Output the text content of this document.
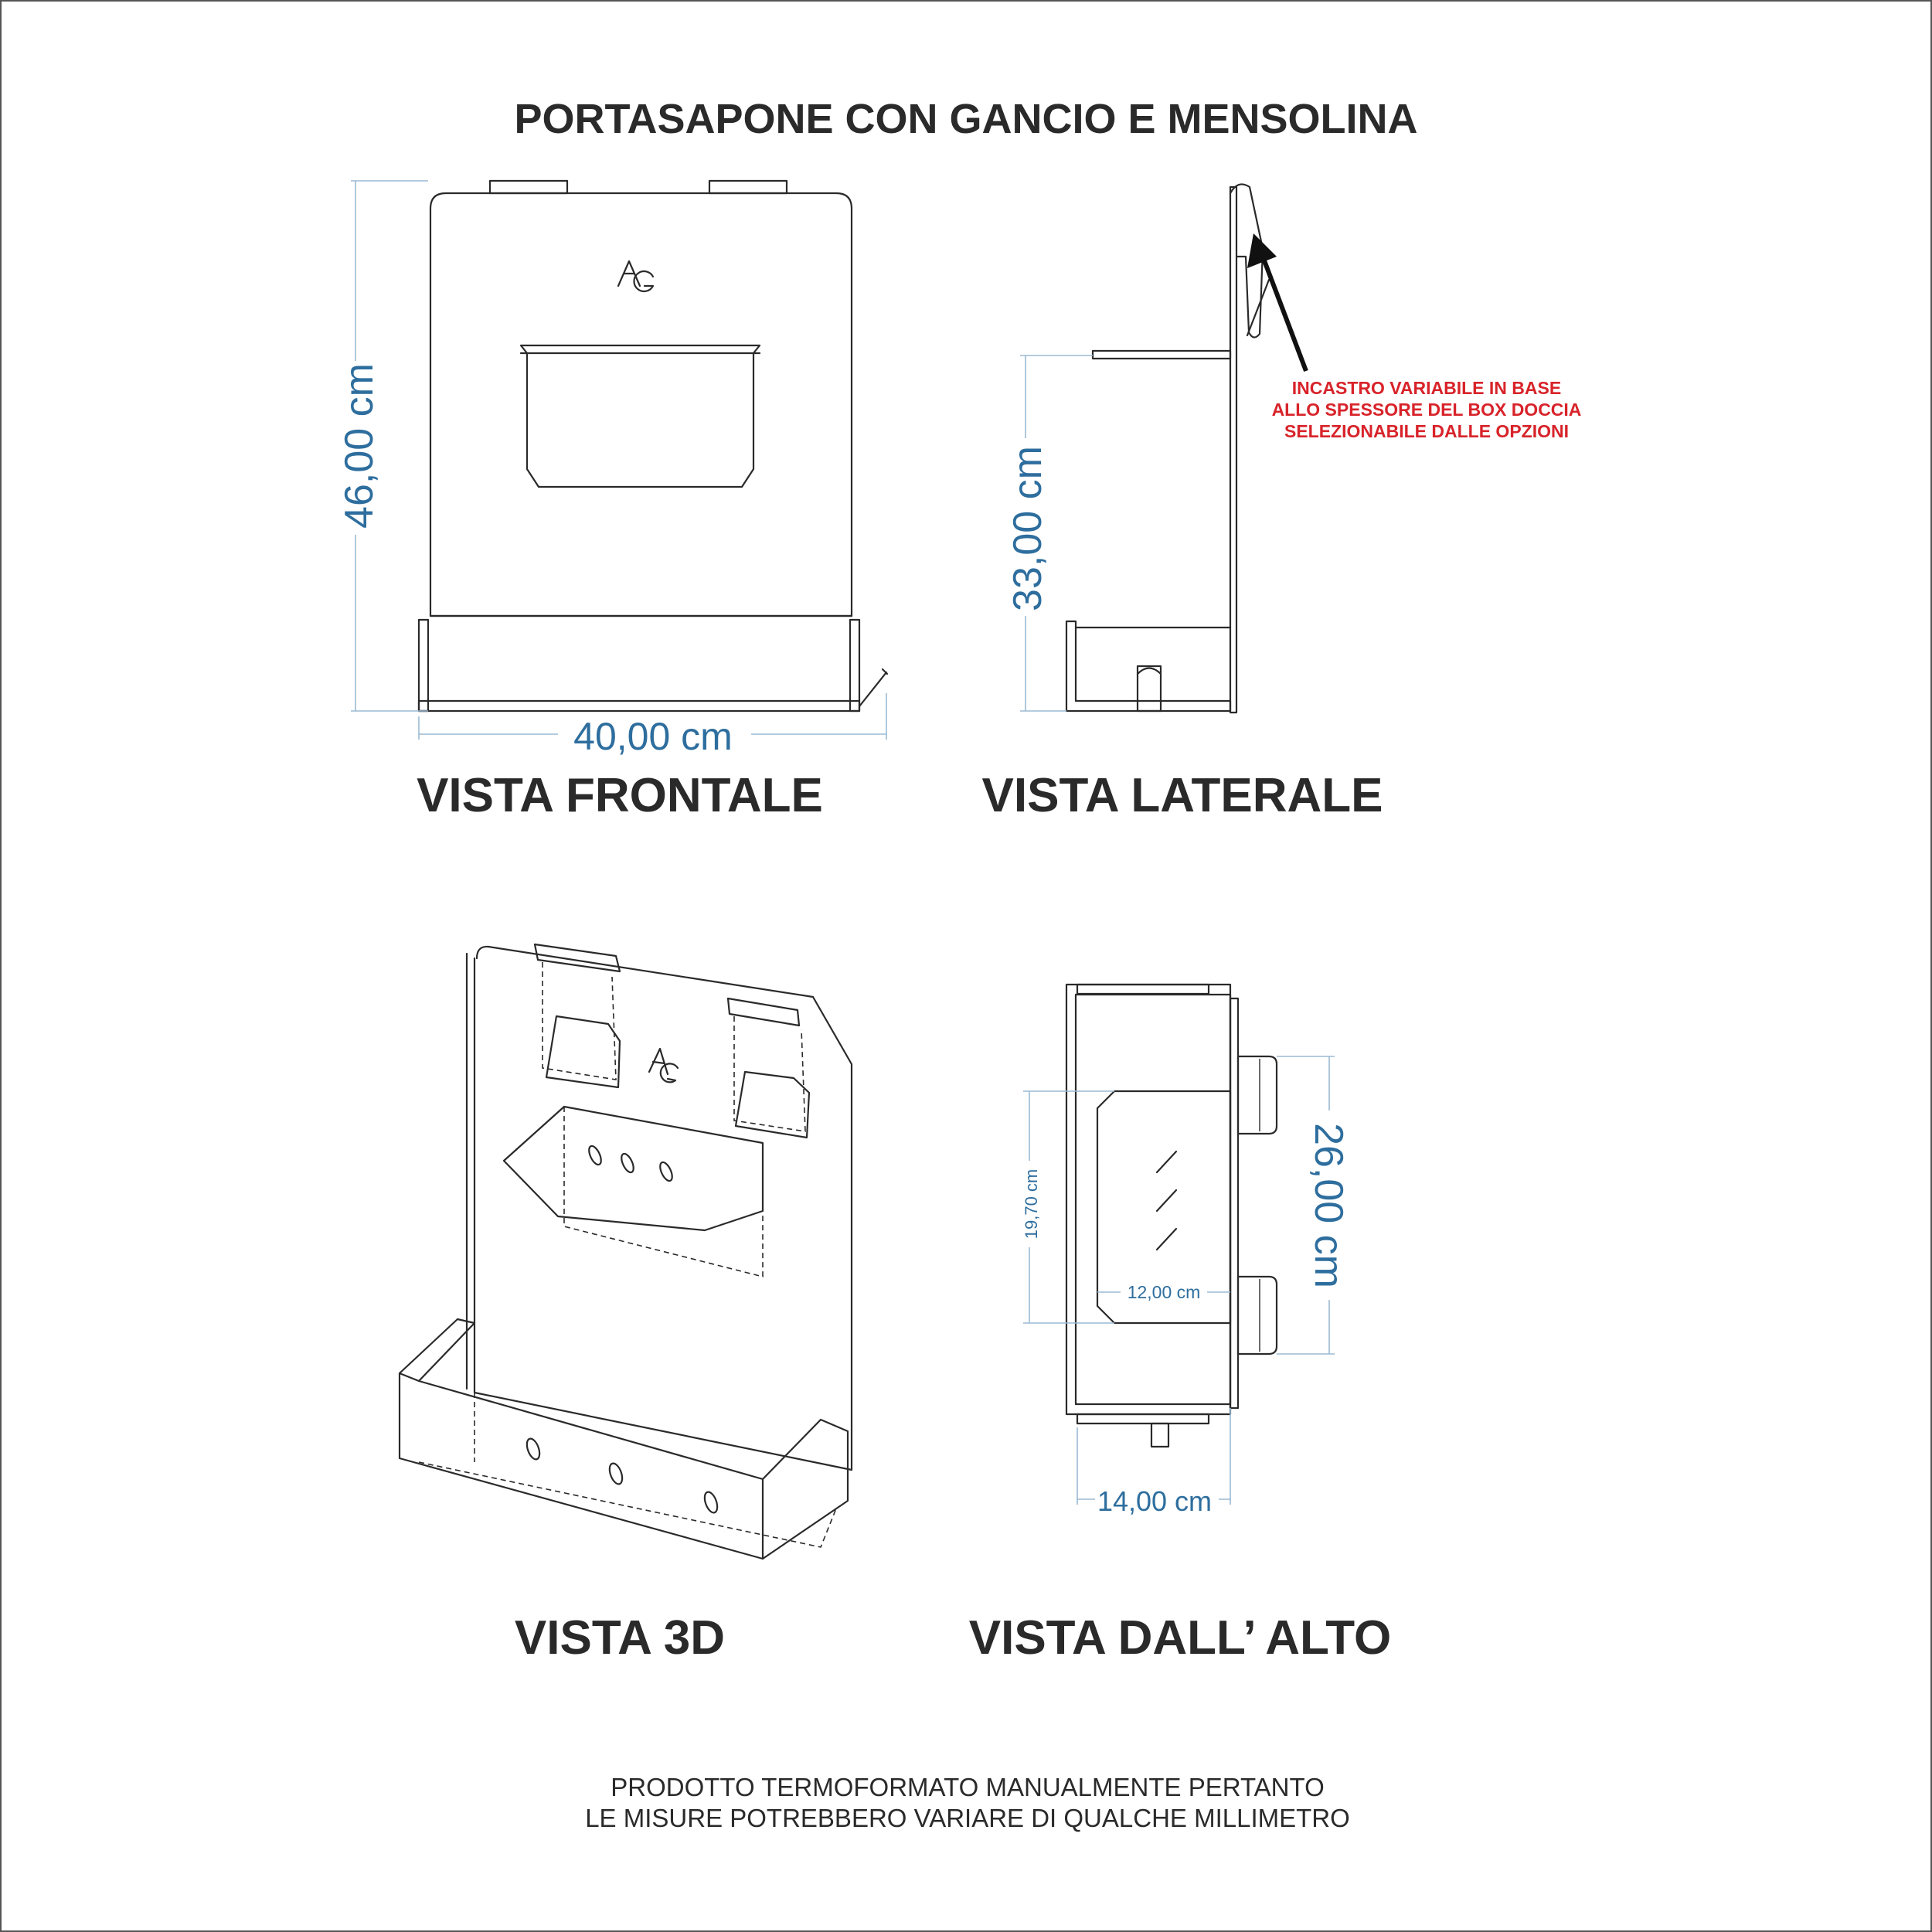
PORTASAPONE CON GANCIO E MENSOLINA
46,00 cm
40,00 cm
VISTA FRONTALE
33,00 cm
INCASTRO VARIABILE IN BASE
ALLO SPESSORE DEL BOX DOCCIA
SELEZIONABILE DALLE OPZIONI
VISTA LATERALE
VISTA 3D
19,70 cm
12,00 cm
26,00 cm
14,00 cm
VISTA DALL’ ALTO
PRODOTTO TERMOFORMATO MANUALMENTE PERTANTO
LE MISURE POTREBBERO VARIARE DI QUALCHE MILLIMETRO
